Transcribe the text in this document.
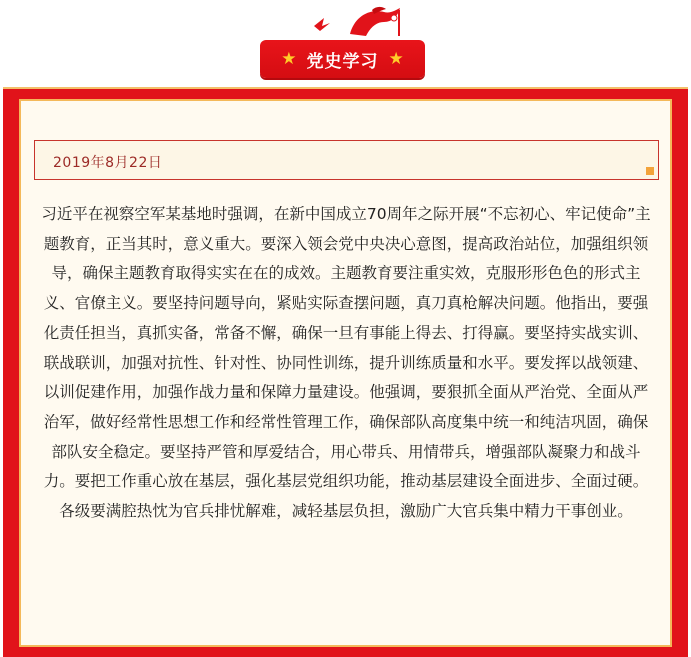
★ 党史学习 ★
2019年8月22日

习近平在视察空军某基地时强调，在新中国成立70周年之际开展“不忘初心、牢记使命”主题教育，正当其时，意义重大。要深入领会党中央决心意图，提高政治站位，加强组织领导，确保主题教育取得实实在在的成效。主题教育要注重实效，克服形形色色的形式主义、官僚主义。要坚持问题导向，紧贴实际查摆问题，真刀真枪解决问题。他指出，要强化责任担当，真抓实备，常备不懈，确保一旦有事能上得去、打得赢。要坚持实战实训、联战联训，加强对抗性、针对性、协同性训练，提升训练质量和水平。要发挥以战领建、以训促建作用，加强作战力量和保障力量建设。他强调，要狠抓全面从严治党、全面从严治军，做好经常性思想工作和经常性管理工作，确保部队高度集中统一和纯洁巩固，确保部队安全稳定。要坚持严管和厚爱结合，用心带兵、用情带兵，增强部队凝聚力和战斗力。要把工作重心放在基层，强化基层党组织功能，推动基层建设全面进步、全面过硬。各级要满腔热忱为官兵排忧解难，减轻基层负担，激励广大官兵集中精力干事创业。
